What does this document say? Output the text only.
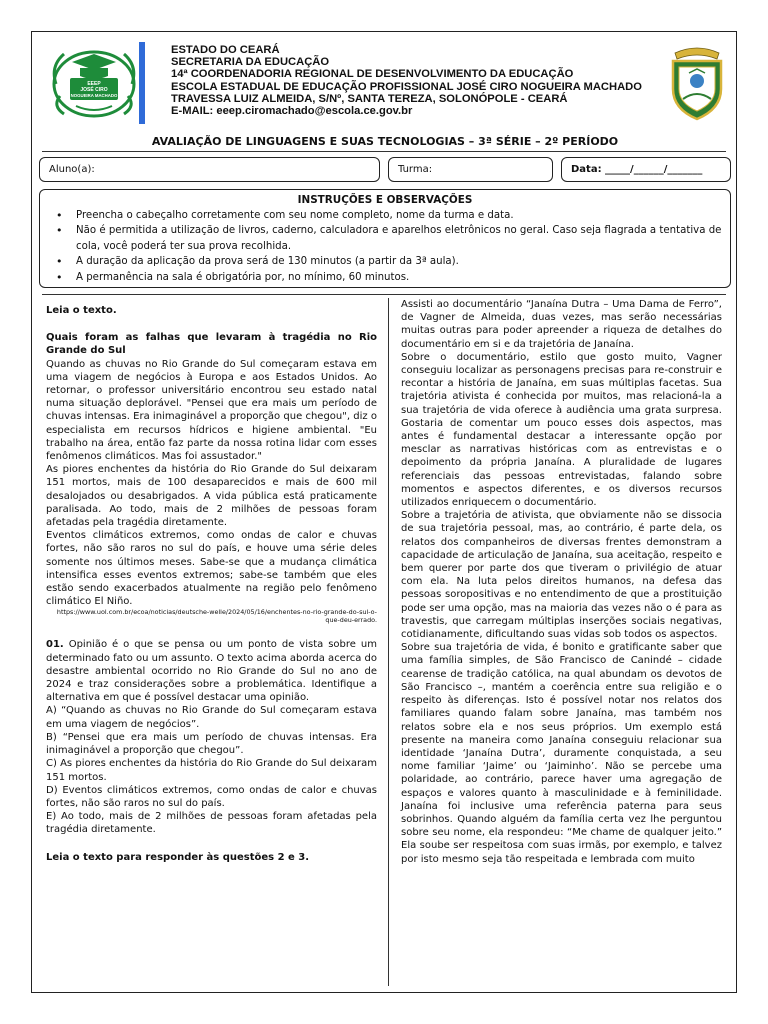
EEEP
JOSÉ CIRO
NOGUEIRA MACHADO
ESTADO DO CEARÁ
SECRETARIA DA EDUCAÇÃO
14ª COORDENADORIA REGIONAL DE DESENVOLVIMENTO DA EDUCAÇÃO
ESCOLA ESTADUAL DE EDUCAÇÃO PROFISSIONAL JOSÉ CIRO NOGUEIRA MACHADO
TRAVESSA LUIZ ALMEIDA, S/Nº, SANTA TEREZA, SOLONÓPOLE - CEARÁ
E-MAIL: eeep.ciromachado@escola.ce.gov.br
AVALIAÇÃO DE LINGUAGENS E SUAS TECNOLOGIAS – 3ª SÉRIE – 2º PERÍODO
Aluno(a):	Turma:	Data: _____/______/_______
INSTRUÇÕES E OBSERVAÇÕES
• Preencha o cabeçalho corretamente com seu nome completo, nome da turma e data.
• Não é permitida a utilização de livros, caderno, calculadora e aparelhos eletrônicos no geral. Caso seja flagrada a tentativa de cola, você poderá ter sua prova recolhida.
• A duração da aplicação da prova será de 130 minutos (a partir da 3ª aula).
• A permanência na sala é obrigatória por, no mínimo, 60 minutos.

Leia o texto.

Quais foram as falhas que levaram à tragédia no Rio Grande do Sul

Quando as chuvas no Rio Grande do Sul começaram estava em uma viagem de negócios à Europa e aos Estados Unidos. Ao retornar, o professor universitário encontrou seu estado natal numa situação deplorável. "Pensei que era mais um período de chuvas intensas. Era inimaginável a proporção que chegou", diz o especialista em recursos hídricos e higiene ambiental. "Eu trabalho na área, então faz parte da nossa rotina lidar com esses fenômenos climáticos. Mas foi assustador."

As piores enchentes da história do Rio Grande do Sul deixaram 151 mortos, mais de 100 desaparecidos e mais de 600 mil desalojados ou desabrigados. A vida pública está praticamente paralisada. Ao todo, mais de 2 milhões de pessoas foram afetadas pela tragédia diretamente.

Eventos climáticos extremos, como ondas de calor e chuvas fortes, não são raros no sul do país, e houve uma série deles somente nos últimos meses. Sabe-se que a mudança climática intensifica esses eventos extremos; sabe-se também que eles estão sendo exacerbados atualmente na região pelo fenômeno climático El Niño.

https://www.uol.com.br/ecoa/noticias/deutsche-welle/2024/05/16/enchentes-no-rio-grande-do-sul-o-que-deu-errado.

01. Opinião é o que se pensa ou um ponto de vista sobre um determinado fato ou um assunto. O texto acima aborda acerca do desastre ambiental ocorrido no Rio Grande do Sul no ano de 2024 e traz considerações sobre a problemática. Identifique a alternativa em que é possível destacar uma opinião.

A) “Quando as chuvas no Rio Grande do Sul começaram estava em uma viagem de negócios”.

B) “Pensei que era mais um período de chuvas intensas. Era inimaginável a proporção que chegou”.

C) As piores enchentes da história do Rio Grande do Sul deixaram 151 mortos.

D) Eventos climáticos extremos, como ondas de calor e chuvas fortes, não são raros no sul do país.

E) Ao todo, mais de 2 milhões de pessoas foram afetadas pela tragédia diretamente.

Leia o texto para responder às questões 2 e 3.

Assisti ao documentário “Janaína Dutra – Uma Dama de Ferro”, de Vagner de Almeida, duas vezes, mas serão necessárias muitas outras para poder apreender a riqueza de detalhes do documentário em si e da trajetória de Janaína.

Sobre o documentário, estilo que gosto muito, Vagner conseguiu localizar as personagens precisas para re-construir e recontar a história de Janaína, em suas múltiplas facetas. Sua trajetória ativista é conhecida por muitos, mas relacioná-la a sua trajetória de vida oferece à audiência uma grata surpresa. Gostaria de comentar um pouco esses dois aspectos, mas antes é fundamental destacar a interessante opção por mesclar as narrativas históricas com as entrevistas e o depoimento da própria Janaína. A pluralidade de lugares referenciais das pessoas entrevistadas, falando sobre momentos e aspectos diferentes, e os diversos recursos utilizados enriquecem o documentário.

Sobre a trajetória de ativista, que obviamente não se dissocia de sua trajetória pessoal, mas, ao contrário, é parte dela, os relatos dos companheiros de diversas frentes demonstram a capacidade de articulação de Janaína, sua aceitação, respeito e bem querer por parte dos que tiveram o privilégio de atuar com ela. Na luta pelos direitos humanos, na defesa das pessoas soropositivas e no entendimento de que a prostituição pode ser uma opção, mas na maioria das vezes não o é para as travestis, que carregam múltiplas inserções sociais negativas, cotidianamente, dificultando suas vidas sob todos os aspectos.

Sobre sua trajetória de vida, é bonito e gratificante saber que uma família simples, de São Francisco de Canindé – cidade cearense de tradição católica, na qual abundam os devotos de São Francisco –, mantém a coerência entre sua religião e o respeito às diferenças. Isto é possível notar nos relatos dos familiares quando falam sobre Janaína, mas também nos relatos sobre ela e nos seus próprios. Um exemplo está presente na maneira como Janaína conseguiu relacionar sua identidade ‘Janaína Dutra’, duramente conquistada, a seu nome familiar ‘Jaime’ ou ‘Jaiminho’. Não se percebe uma polaridade, ao contrário, parece haver uma agregação de espaços e valores quanto à masculinidade e à feminilidade. Janaína foi inclusive uma referência paterna para seus sobrinhos. Quando alguém da família certa vez lhe perguntou sobre seu nome, ela respondeu: “Me chame de qualquer jeito.” Ela soube ser respeitosa com suas irmãs, por exemplo, e talvez por isto mesmo seja tão respeitada e lembrada com muito
